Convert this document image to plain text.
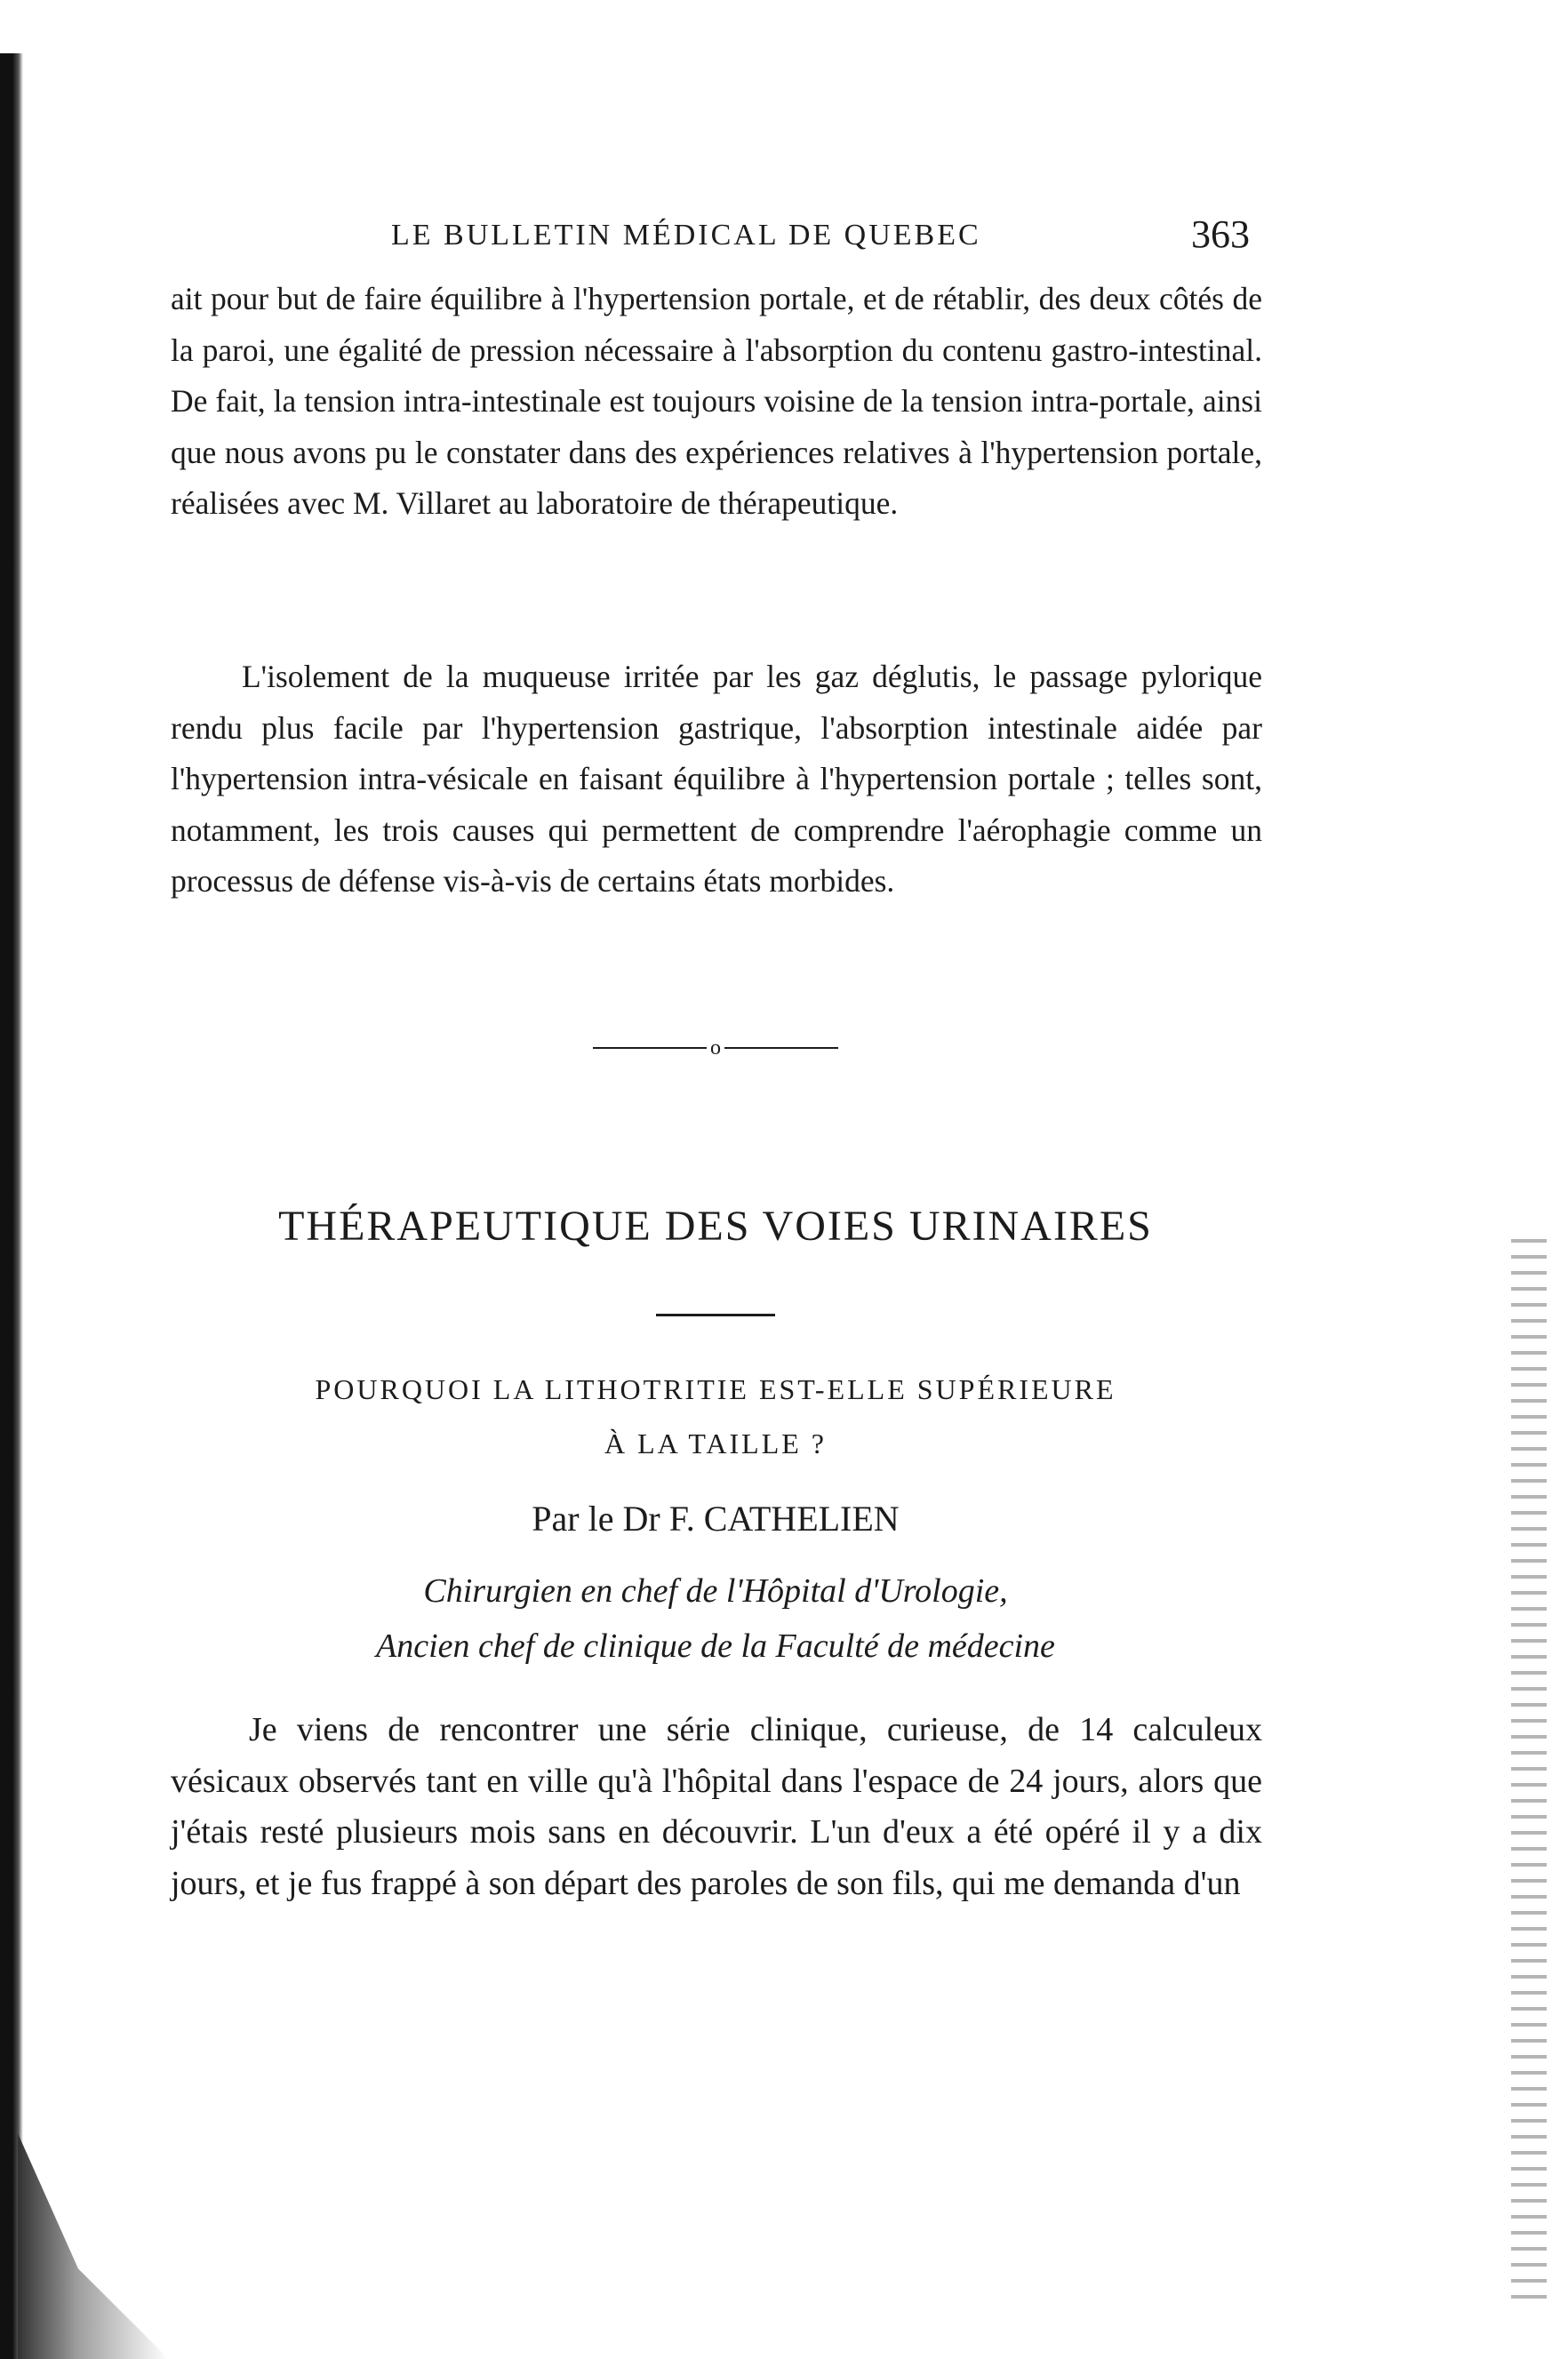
LE BULLETIN MÉDICAL DE QUEBEC	363

ait pour but de faire équilibre à l'hypertension portale, et de rétablir, des deux côtés de la paroi, une égalité de pression nécessaire à l'absorption du contenu gastro-intestinal. De fait, la tension intra-intestinale est toujours voisine de la tension intra-portale, ainsi que nous avons pu le constater dans des expériences relatives à l'hypertension portale, réalisées avec M. Villaret au laboratoire de thérapeutique.

L'isolement de la muqueuse irritée par les gaz déglutis, le passage pylorique rendu plus facile par l'hypertension gastrique, l'absorption intestinale aidée par l'hypertension intra-vésicale en faisant équilibre à l'hypertension portale ; telles sont, notamment, les trois causes qui permettent de comprendre l'aérophagie comme un processus de défense vis-à-vis de certains états morbides.

o
THÉRAPEUTIQUE DES VOIES URINAIRES
POURQUOI LA LITHOTRITIE EST-ELLE SUPÉRIEURE
À LA TAILLE ?
Par le Dr F. CATHELIEN
Chirurgien en chef de l'Hôpital d'Urologie,
Ancien chef de clinique de la Faculté de médecine

Je viens de rencontrer une série clinique, curieuse, de 14 calculeux vésicaux observés tant en ville qu'à l'hôpital dans l'espace de 24 jours, alors que j'étais resté plusieurs mois sans en découvrir. L'un d'eux a été opéré il y a dix jours, et je fus frappé à son départ des paroles de son fils, qui me demanda d'un
